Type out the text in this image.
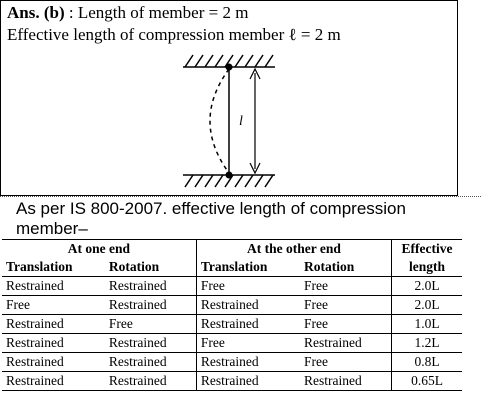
Ans. (b) : Length of member = 2 m
Effective length of compression member ℓ = 2 m
l
As per IS 800-2007. effective length of compression member–
At one end		At the other end		Effective length
Translation	Rotation	Translation	Rotation	
Restrained	Restrained	Free	Free	2.0L
Free	Restrained	Restrained	Free	2.0L
Restrained	Free	Restrained	Free	1.0L
Restrained	Restrained	Free	Restrained	1.2L
Restrained	Restrained	Restrained	Free	0.8L
Restrained	Restrained	Restrained	Restrained	0.65L
